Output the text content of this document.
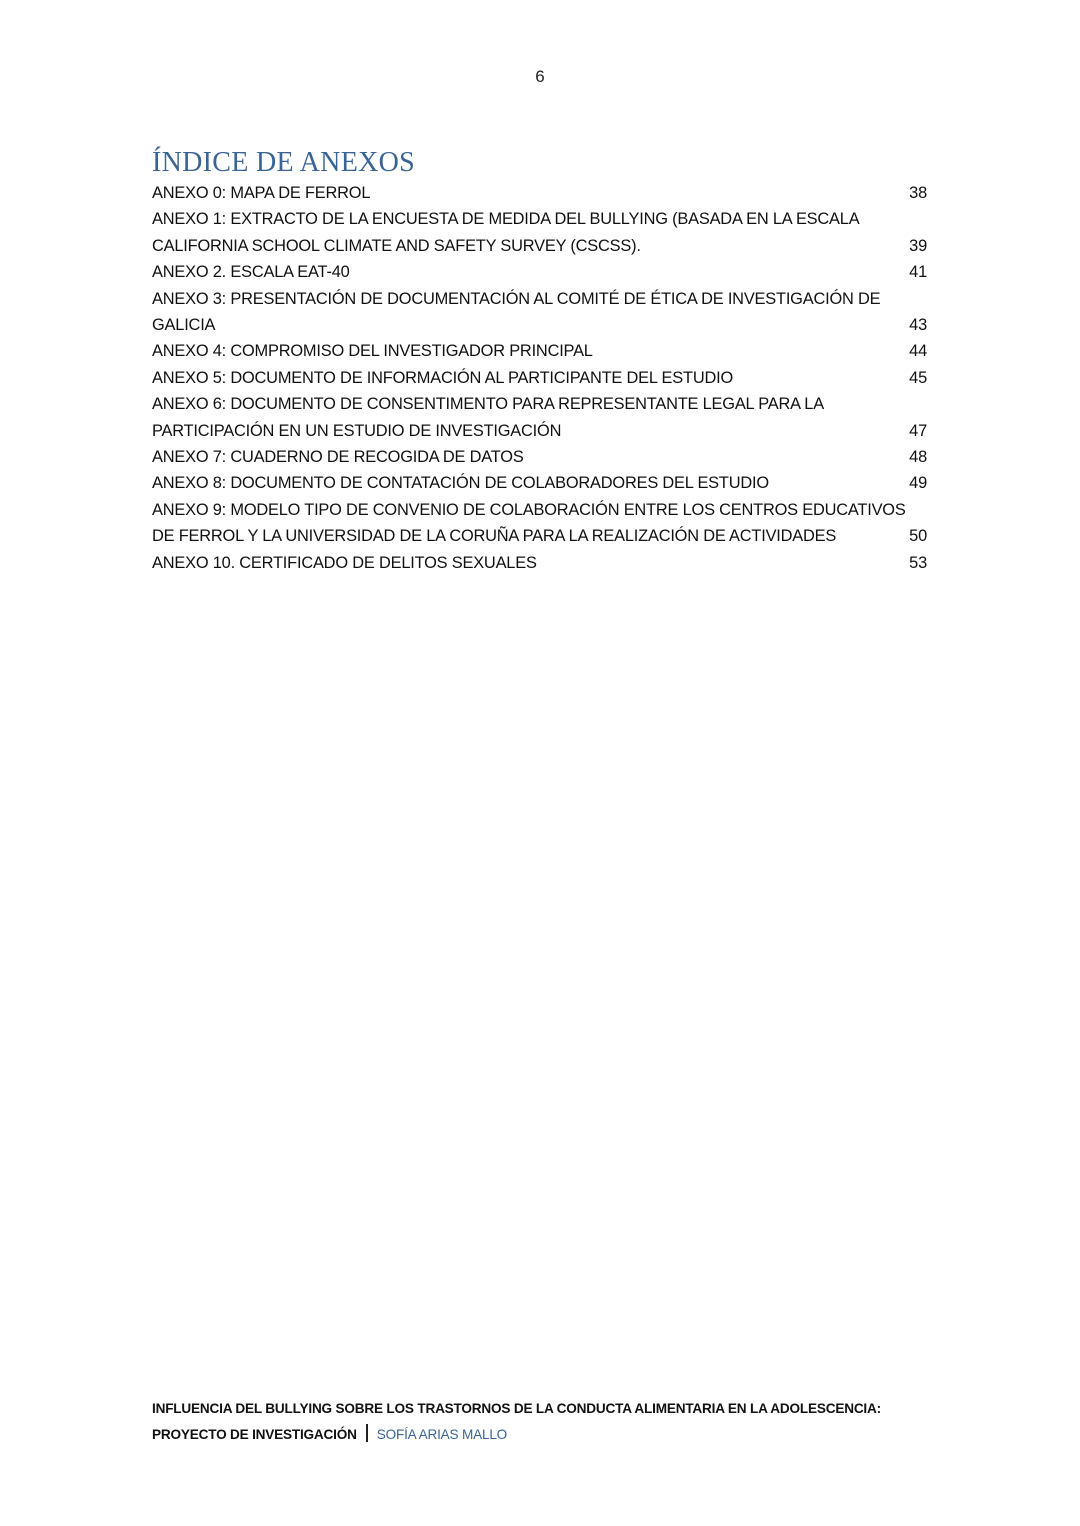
6
ÍNDICE DE ANEXOS
ANEXO 0: MAPA DE FERROL .....	38
ANEXO 1: EXTRACTO DE LA ENCUESTA DE MEDIDA DEL BULLYING (BASADA EN LA ESCALA
CALIFORNIA SCHOOL CLIMATE AND SAFETY SURVEY (CSCSS). .....	39
ANEXO 2. ESCALA EAT-40 .....	41
ANEXO 3: PRESENTACIÓN DE DOCUMENTACIÓN AL COMITÉ DE ÉTICA DE INVESTIGACIÓN DE
GALICIA .....	43
ANEXO 4: COMPROMISO DEL INVESTIGADOR PRINCIPAL .....	44
ANEXO 5: DOCUMENTO DE INFORMACIÓN AL PARTICIPANTE DEL ESTUDIO .....	45
ANEXO 6: DOCUMENTO DE CONSENTIMENTO PARA REPRESENTANTE LEGAL PARA LA
PARTICIPACIÓN EN UN ESTUDIO DE INVESTIGACIÓN .....	47
ANEXO 7: CUADERNO DE RECOGIDA DE DATOS .....	48
ANEXO 8: DOCUMENTO DE CONTATACIÓN DE COLABORADORES DEL ESTUDIO .....	49
ANEXO 9: MODELO TIPO DE CONVENIO DE COLABORACIÓN ENTRE LOS CENTROS EDUCATIVOS
DE FERROL Y LA UNIVERSIDAD DE LA CORUÑA PARA LA REALIZACIÓN DE ACTIVIDADES .....	50
ANEXO 10. CERTIFICADO DE DELITOS SEXUALES .....	53
INFLUENCIA DEL BULLYING SOBRE LOS TRASTORNOS DE LA CONDUCTA ALIMENTARIA EN LA ADOLESCENCIA:
PROYECTO DE INVESTIGACIÓN SOFÍA ARIAS MALLO
